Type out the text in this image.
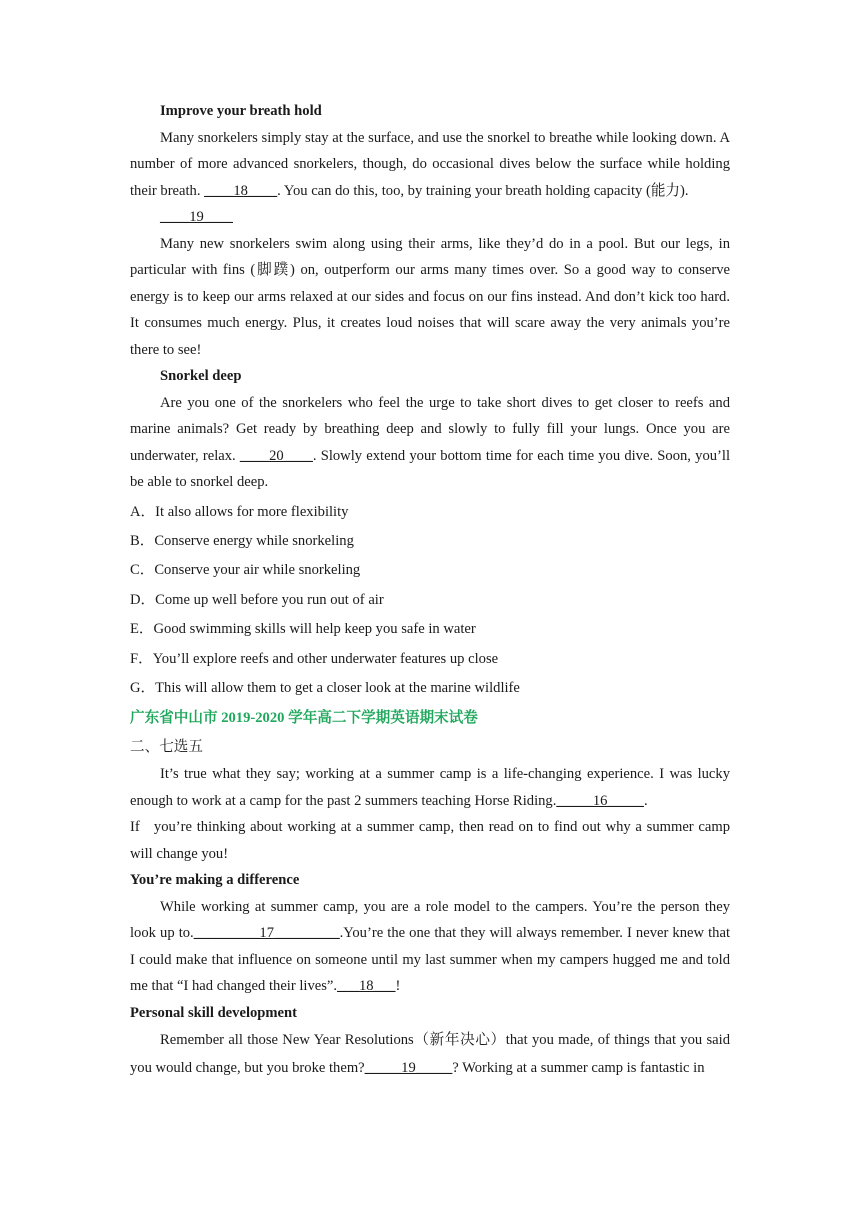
Improve your breath hold

Many snorkelers simply stay at the surface, and use the snorkel to breathe while looking down. A number of more advanced snorkelers, though, do occasional dives below the surface while holding their breath. ____18____. You can do this, too, by training your breath holding capacity (能力).

____19____

Many new snorkelers swim along using their arms, like they’d do in a pool. But our legs, in particular with fins (脚蹼) on, outperform our arms many times over. So a good way to conserve energy is to keep our arms relaxed at our sides and focus on our fins instead. And don’t kick too hard. It consumes much energy. Plus, it creates loud noises that will scare away the very animals you’re there to see!

Snorkel deep

Are you one of the snorkelers who feel the urge to take short dives to get closer to reefs and marine animals? Get ready by breathing deep and slowly to fully fill your lungs. Once you are underwater, relax. ____20____. Slowly extend your bottom time for each time you dive. Soon, you’ll be able to snorkel deep.

A．It also allows for more flexibility

B．Conserve energy while snorkeling

C．Conserve your air while snorkeling

D．Come up well before you run out of air

E．Good swimming skills will help keep you safe in water

F．You’ll explore reefs and other underwater features up close

G．This will allow them to get a closer look at the marine wildlife

广东省中山市 2019-2020 学年高二下学期英语期末试卷

二、七选五

It’s true what they say; working at a summer camp is a life-changing experience. I was lucky enough to work at a camp for the past 2 summers teaching Horse Riding._____16_____.

If   you’re thinking about working at a summer camp, then read on to find out why a summer camp will change you!

You’re making a difference

While working at summer camp, you are a role model to the campers. You’re the person they look up to._________17_________.You’re the one that they will always remember. I never knew that I could make that influence on someone until my last summer when my campers hugged me and told me that “I had changed their lives”.___18___!

Personal skill development

Remember all those New Year Resolutions（新年决心）that you made, of things that you said you would change, but you broke them?_____19_____? Working at a summer camp is fantastic in
